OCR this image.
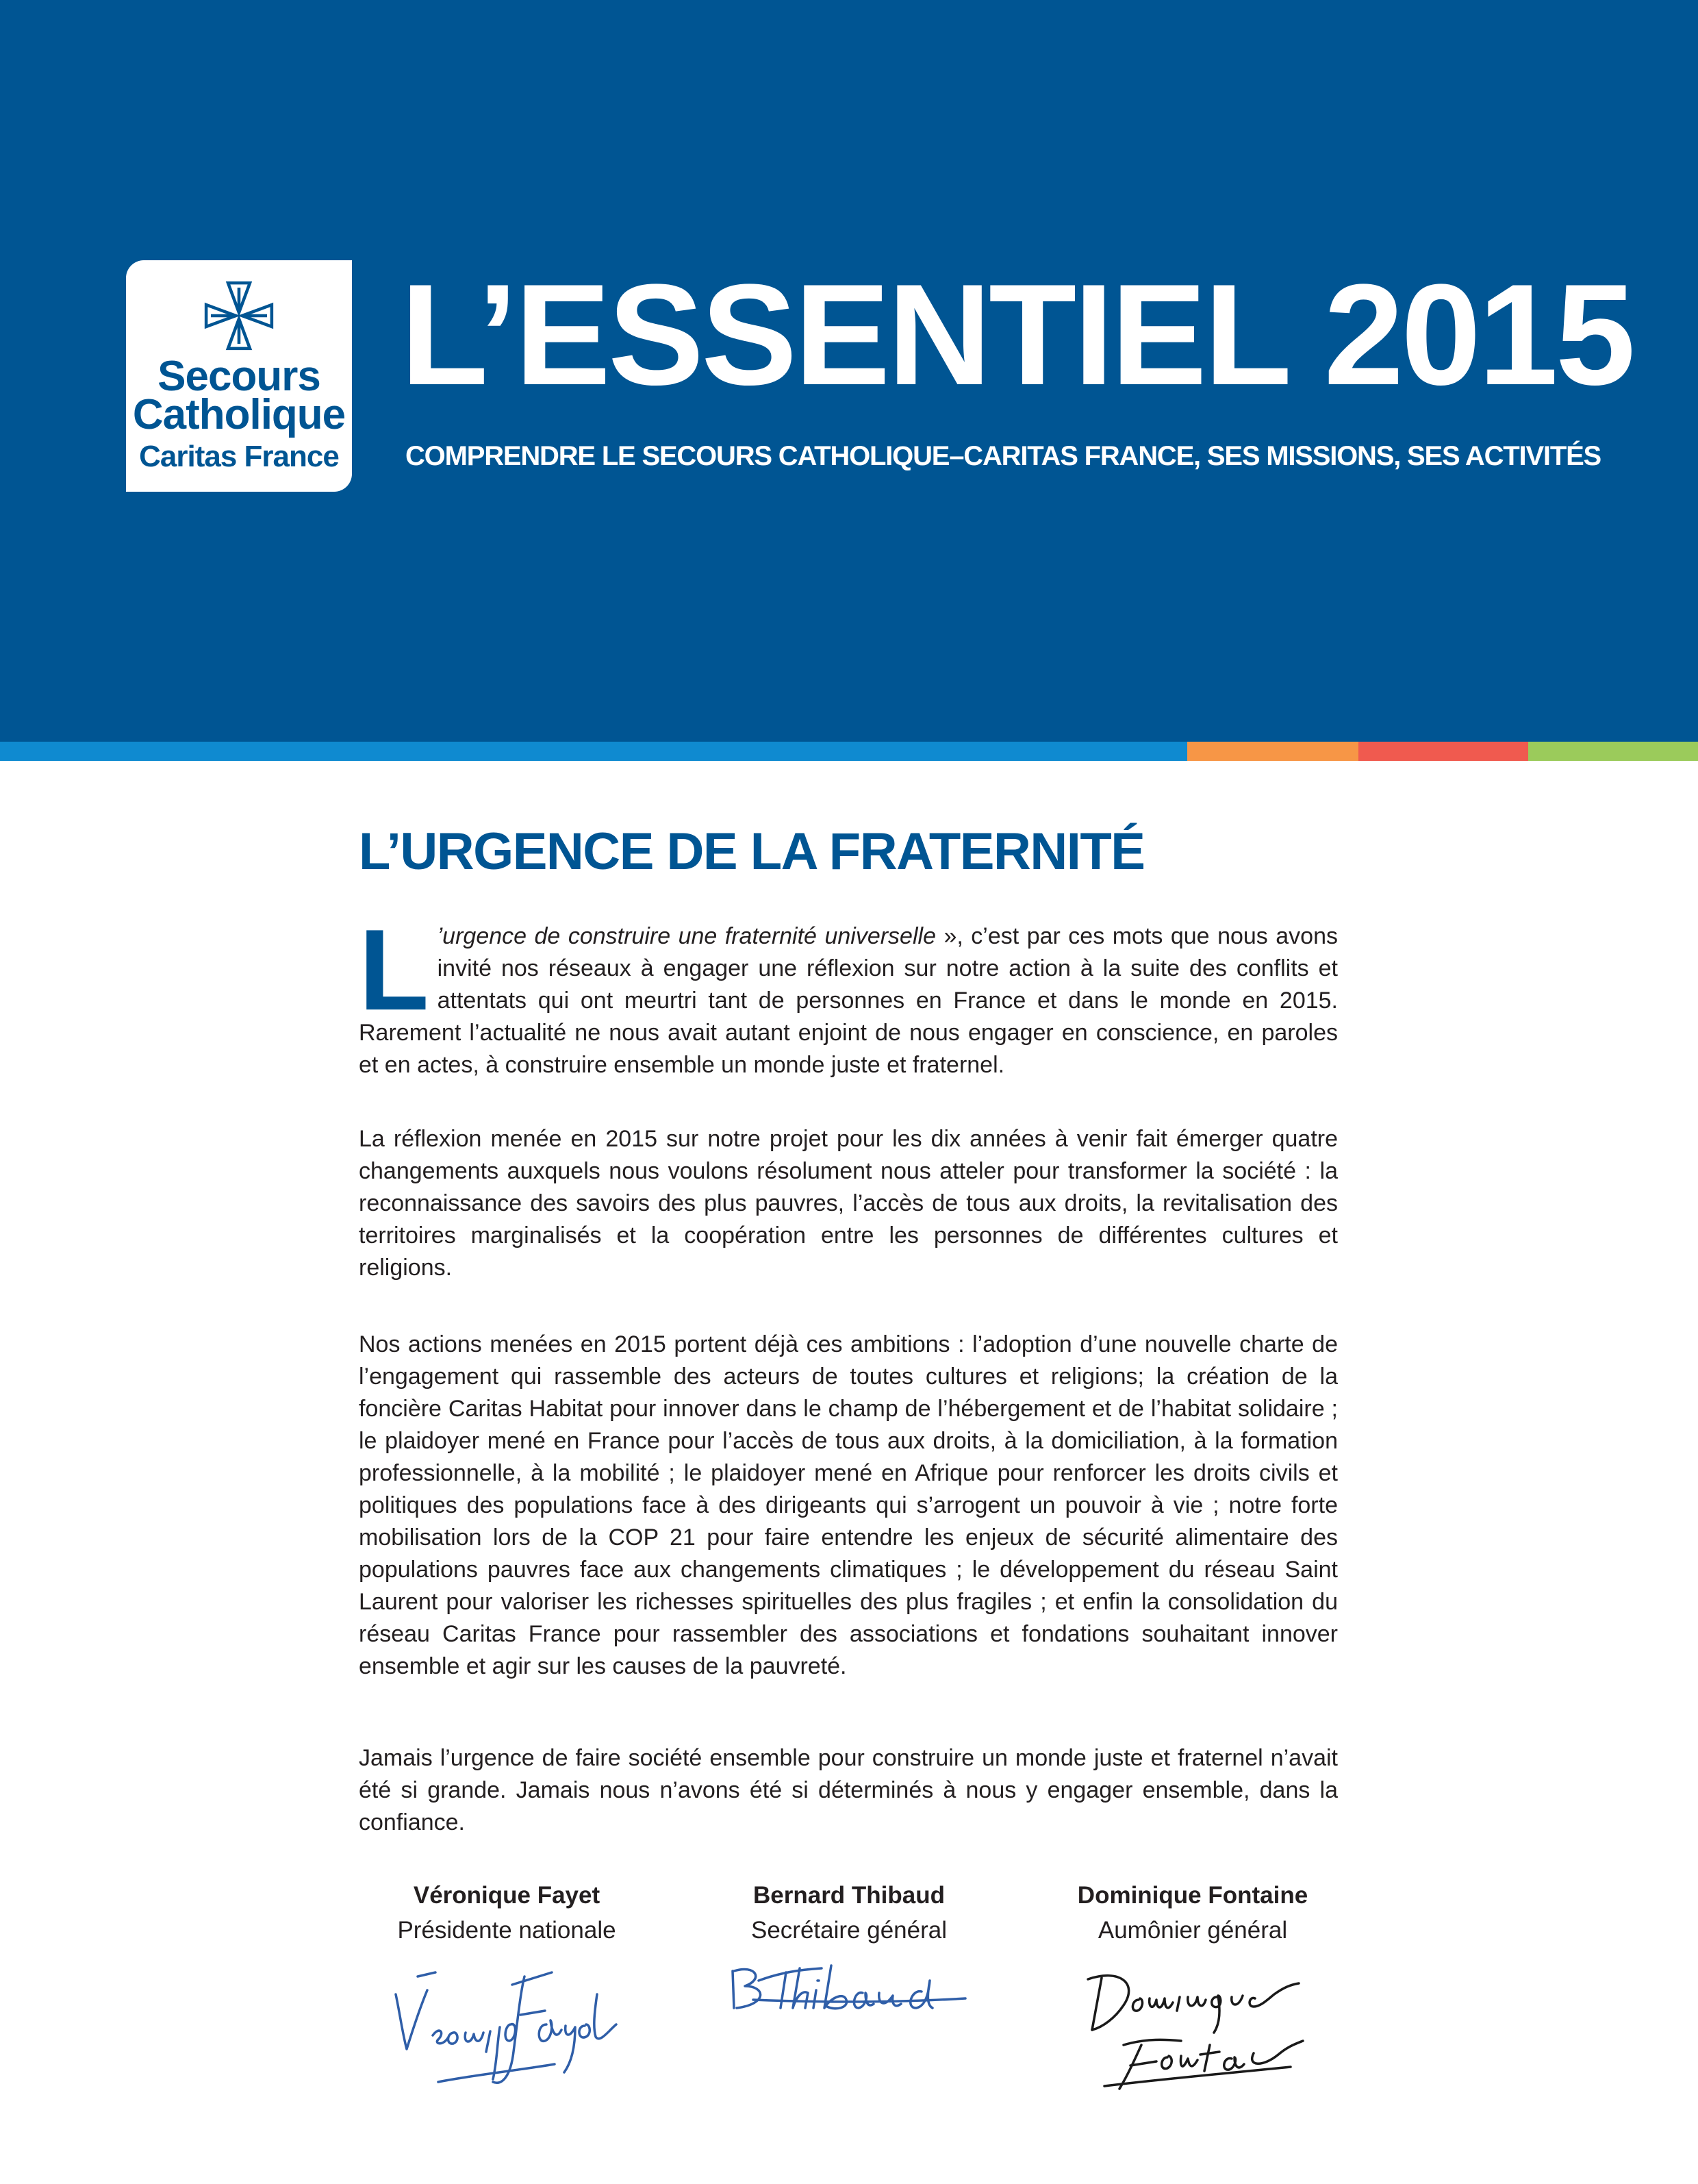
Secours
Catholique
Caritas France
L’ESSENTIEL 2015
COMPRENDRE LE SECOURS CATHOLIQUE–CARITAS FRANCE, SES MISSIONS, SES ACTIVITÉS
L’URGENCE DE LA FRATERNITÉ

L ’urgence de construire une fraternité universelle », c’est par ces mots que nous avons invité nos réseaux à engager une réflexion sur notre action à la suite des conflits et attentats qui ont meurtri tant de personnes en France et dans le monde en 2015. Rarement l’actualité ne nous avait autant enjoint de nous engager en conscience, en paroles et en actes, à construire ensemble un monde juste et fraternel.

La réflexion menée en 2015 sur notre projet pour les dix années à venir fait émerger quatre changements auxquels nous voulons résolument nous atteler pour transformer la société : la reconnaissance des savoirs des plus pauvres, l’accès de tous aux droits, la revitalisation des territoires marginalisés et la coopération entre les personnes de différentes cultures et religions.

Nos actions menées en 2015 portent déjà ces ambitions : l’adoption d’une nouvelle charte de l’engagement qui rassemble des acteurs de toutes cultures et religions; la création de la foncière Caritas Habitat pour innover dans le champ de l’hébergement et de l’habitat solidaire ; le plaidoyer mené en France pour l’accès de tous aux droits, à la domiciliation, à la formation professionnelle, à la mobilité ; le plaidoyer mené en Afrique pour renforcer les droits civils et politiques des populations face à des dirigeants qui s’arrogent un pouvoir à vie ; notre forte mobilisation lors de la COP 21 pour faire entendre les enjeux de sécurité alimentaire des populations pauvres face aux changements climatiques ; le développement du réseau Saint Laurent pour valoriser les richesses spirituelles des plus fragiles ; et enfin la consolidation du réseau Caritas France pour rassembler des associations et fondations souhaitant innover ensemble et agir sur les causes de la pauvreté.

Jamais l’urgence de faire société ensemble pour construire un monde juste et fraternel n’avait été si grande. Jamais nous n’avons été si déterminés à nous y engager ensemble, dans la confiance.

Véronique Fayet
Présidente nationale
Bernard Thibaud
Secrétaire général
Dominique Fontaine
Aumônier général
